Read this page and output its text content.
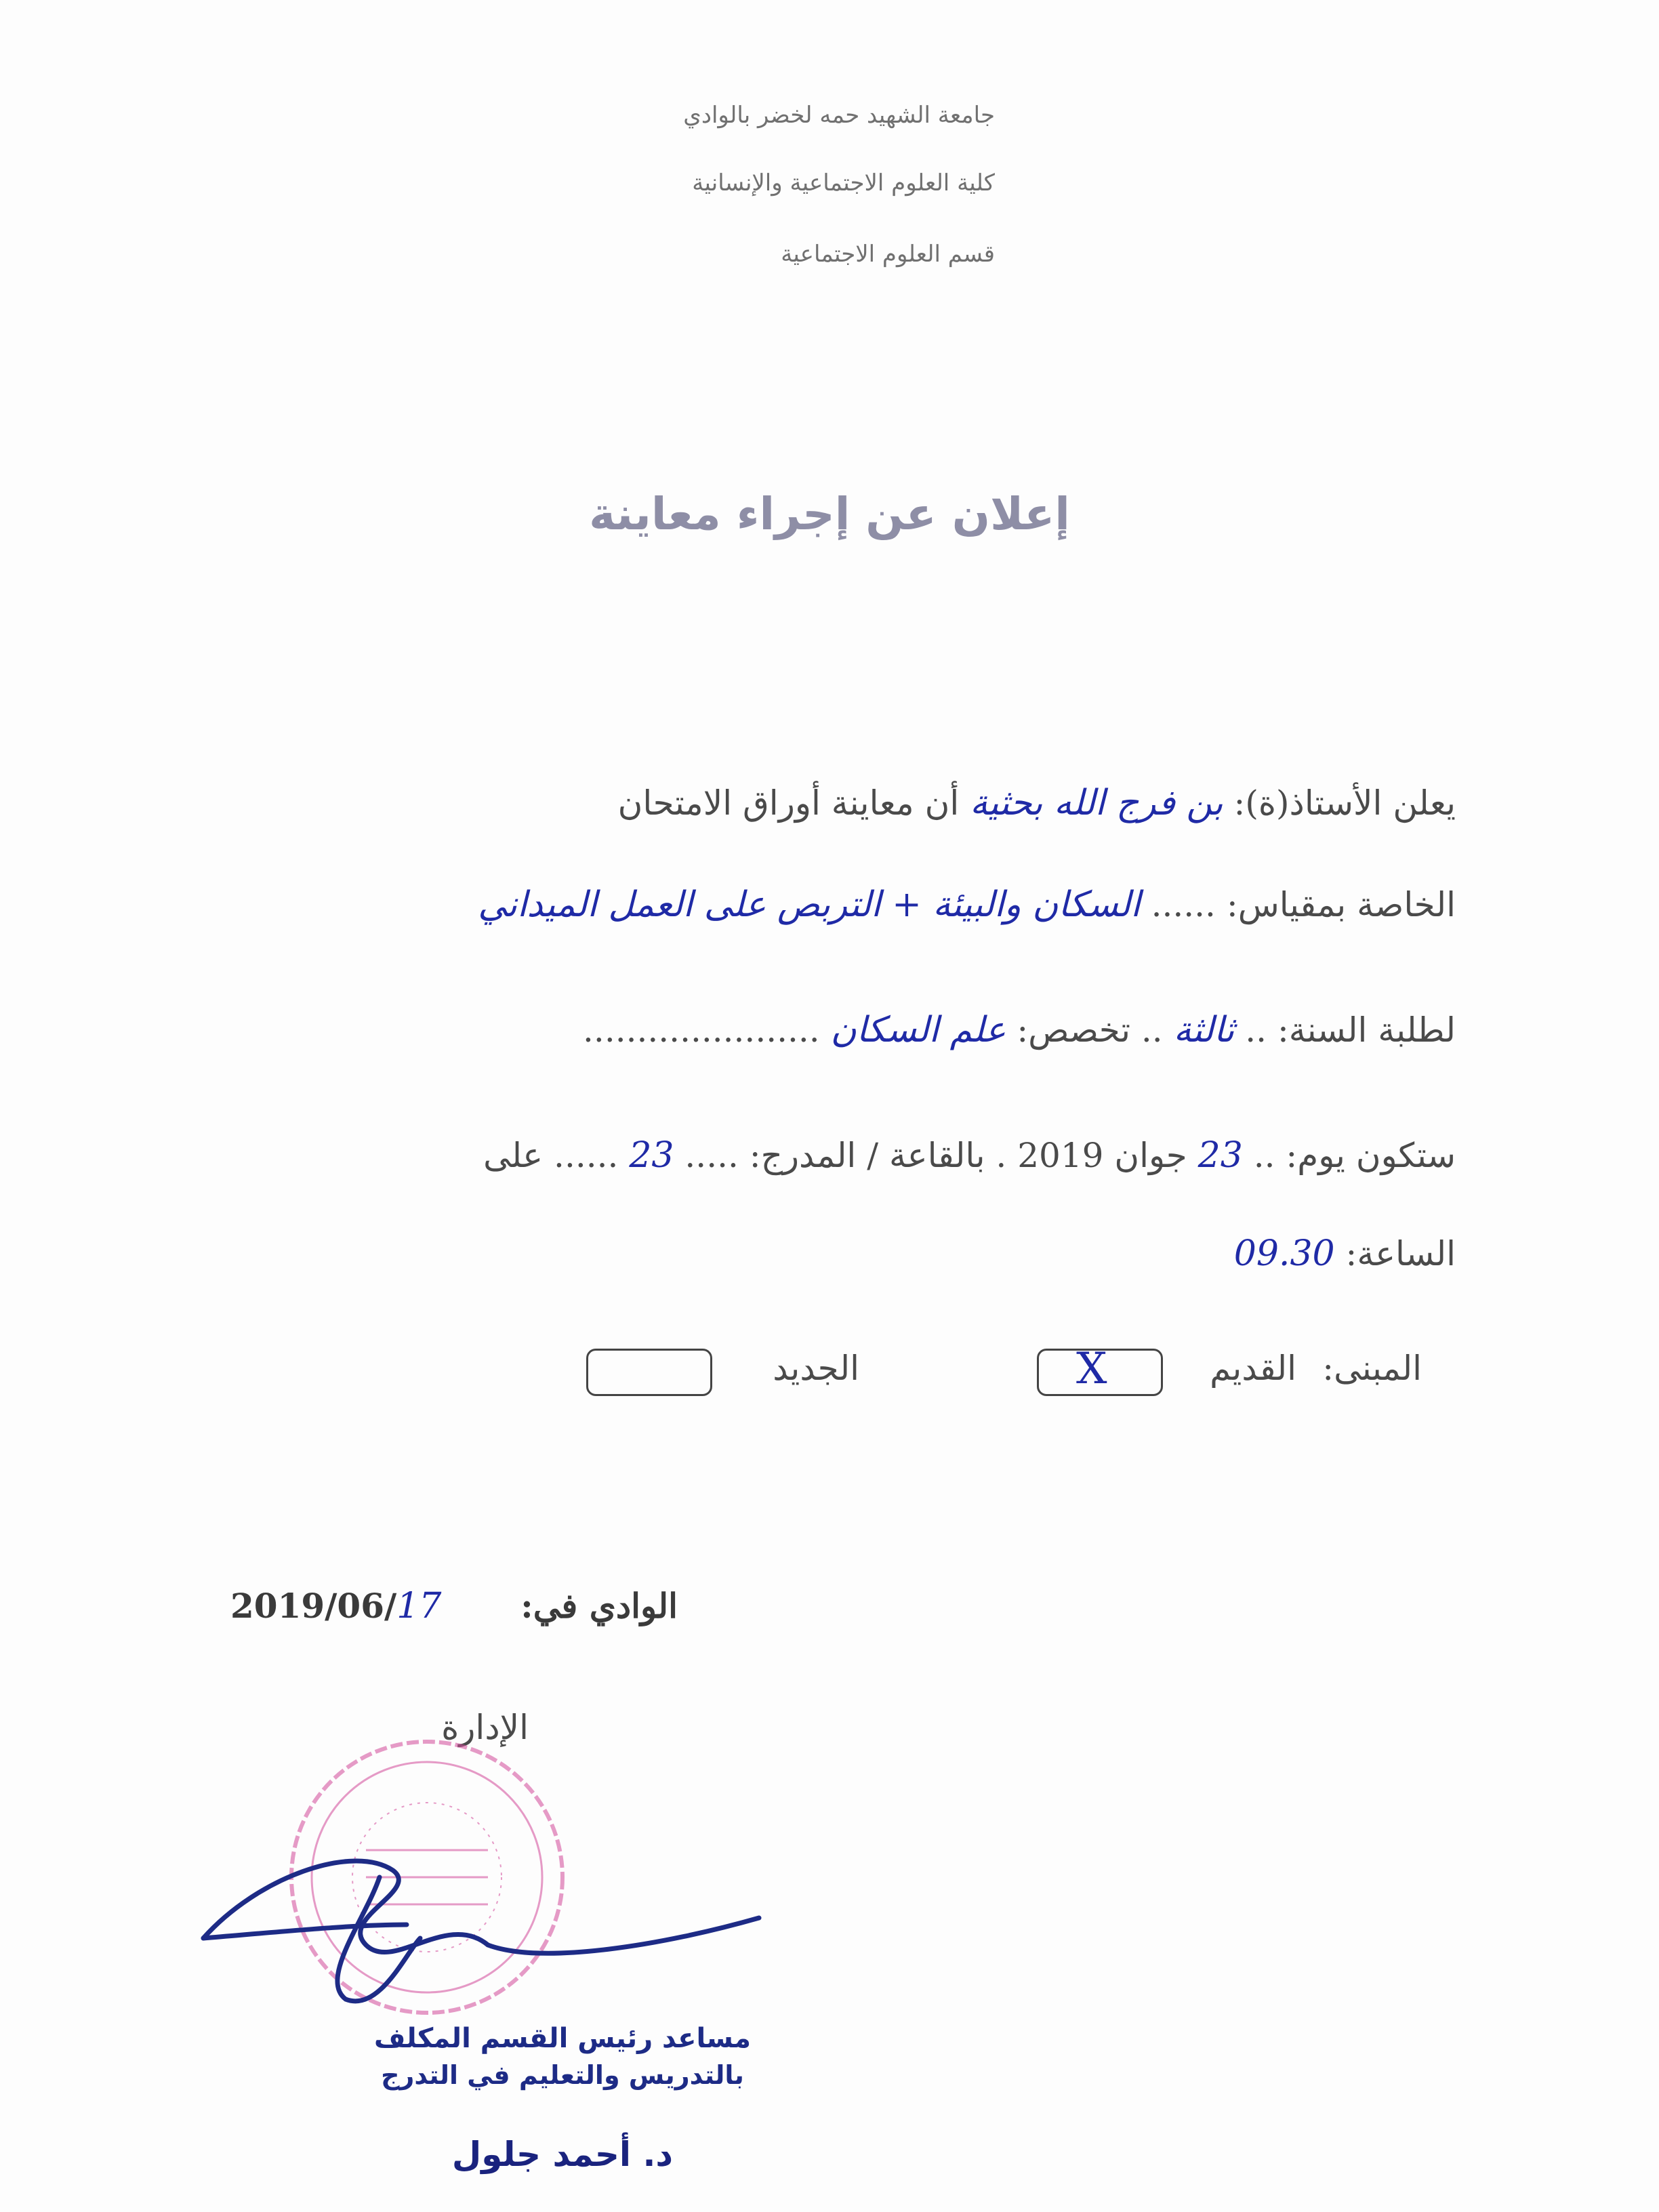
جامعة الشهيد حمه لخضر بالوادي
كلية العلوم الاجتماعية والإنسانية
قسم العلوم الاجتماعية
إعلان عن إجراء معاينة
يعلن الأستاذ(ة): بن فرج الله بحثية أن معاينة أوراق الامتحان
الخاصة بمقياس: ...... السكان والبيئة + التربص على العمل الميداني
لطلبة السنة: .. ثالثة .. تخصص: علم السكان ......................
ستكون يوم: .. 23 جوان 2019 . بالقاعة / المدرج: ..... 23 ...... على
الساعة: 09.30
المبنى:
القديم
X
الجديد
الوادي في:
2019/06/17
الإدارة
مساعد رئيس القسم المكلف
بالتدريس والتعليم في التدرج
د. أحمد جلول
